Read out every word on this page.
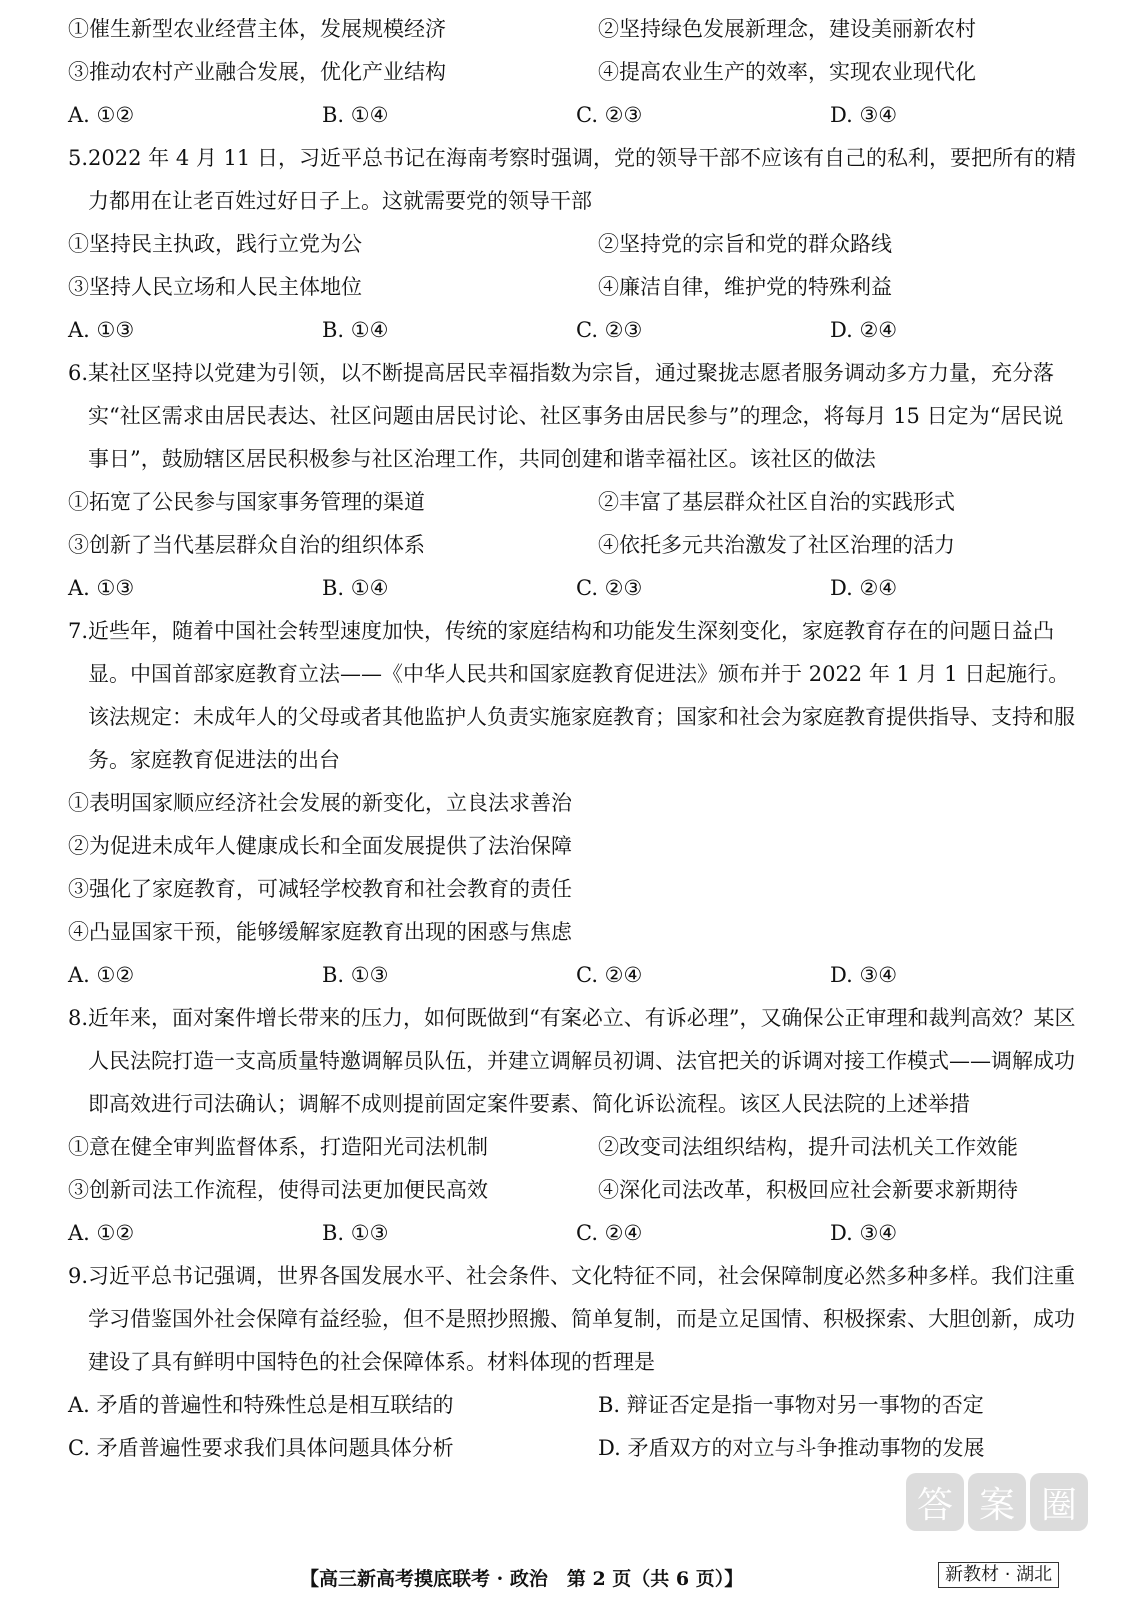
①催生新型农业经营主体，发展规模经济	②坚持绿色发展新理念，建设美丽新农村
③推动农村产业融合发展，优化产业结构	④提高农业生产的效率，实现农业现代化
A. ①②	B. ①④	C. ②③	D. ③④
5. 2022 年 4 月 11 日，习近平总书记在海南考察时强调，党的领导干部不应该有自己的私利，要把所有的精力都用在让老百姓过好日子上。这就需要党的领导干部
①坚持民主执政，践行立党为公	②坚持党的宗旨和党的群众路线
③坚持人民立场和人民主体地位	④廉洁自律，维护党的特殊利益
A. ①③	B. ①④	C. ②③	D. ②④
6. 某社区坚持以党建为引领，以不断提高居民幸福指数为宗旨，通过聚拢志愿者服务调动多方力量，充分落实“社区需求由居民表达、社区问题由居民讨论、社区事务由居民参与”的理念，将每月 15 日定为“居民说事日”，鼓励辖区居民积极参与社区治理工作，共同创建和谐幸福社区。该社区的做法
①拓宽了公民参与国家事务管理的渠道	②丰富了基层群众社区自治的实践形式
③创新了当代基层群众自治的组织体系	④依托多元共治激发了社区治理的活力
A. ①③	B. ①④	C. ②③	D. ②④
7. 近些年，随着中国社会转型速度加快，传统的家庭结构和功能发生深刻变化，家庭教育存在的问题日益凸显。中国首部家庭教育立法——《中华人民共和国家庭教育促进法》颁布并于 2022 年 1 月 1 日起施行。该法规定：未成年人的父母或者其他监护人负责实施家庭教育；国家和社会为家庭教育提供指导、支持和服务。家庭教育促进法的出台
①表明国家顺应经济社会发展的新变化，立良法求善治
②为促进未成年人健康成长和全面发展提供了法治保障
③强化了家庭教育，可减轻学校教育和社会教育的责任
④凸显国家干预，能够缓解家庭教育出现的困惑与焦虑
A. ①②	B. ①③	C. ②④	D. ③④
8. 近年来，面对案件增长带来的压力，如何既做到“有案必立、有诉必理”，又确保公正审理和裁判高效？某区人民法院打造一支高质量特邀调解员队伍，并建立调解员初调、法官把关的诉调对接工作模式——调解成功即高效进行司法确认；调解不成则提前固定案件要素、简化诉讼流程。该区人民法院的上述举措
①意在健全审判监督体系，打造阳光司法机制	②改变司法组织结构，提升司法机关工作效能
③创新司法工作流程，使得司法更加便民高效	④深化司法改革，积极回应社会新要求新期待
A. ①②	B. ①③	C. ②④	D. ③④
9. 习近平总书记强调，世界各国发展水平、社会条件、文化特征不同，社会保障制度必然多种多样。我们注重学习借鉴国外社会保障有益经验，但不是照抄照搬、简单复制，而是立足国情、积极探索、大胆创新，成功建设了具有鲜明中国特色的社会保障体系。材料体现的哲理是
A. 矛盾的普遍性和特殊性总是相互联结的	B. 辩证否定是指一事物对另一事物的否定
C. 矛盾普遍性要求我们具体问题具体分析	D. 矛盾双方的对立与斗争推动事物的发展
答 案 圈
【高三新高考摸底联考 · 政治　第 2 页（共 6 页）】	新教材 · 湖北
